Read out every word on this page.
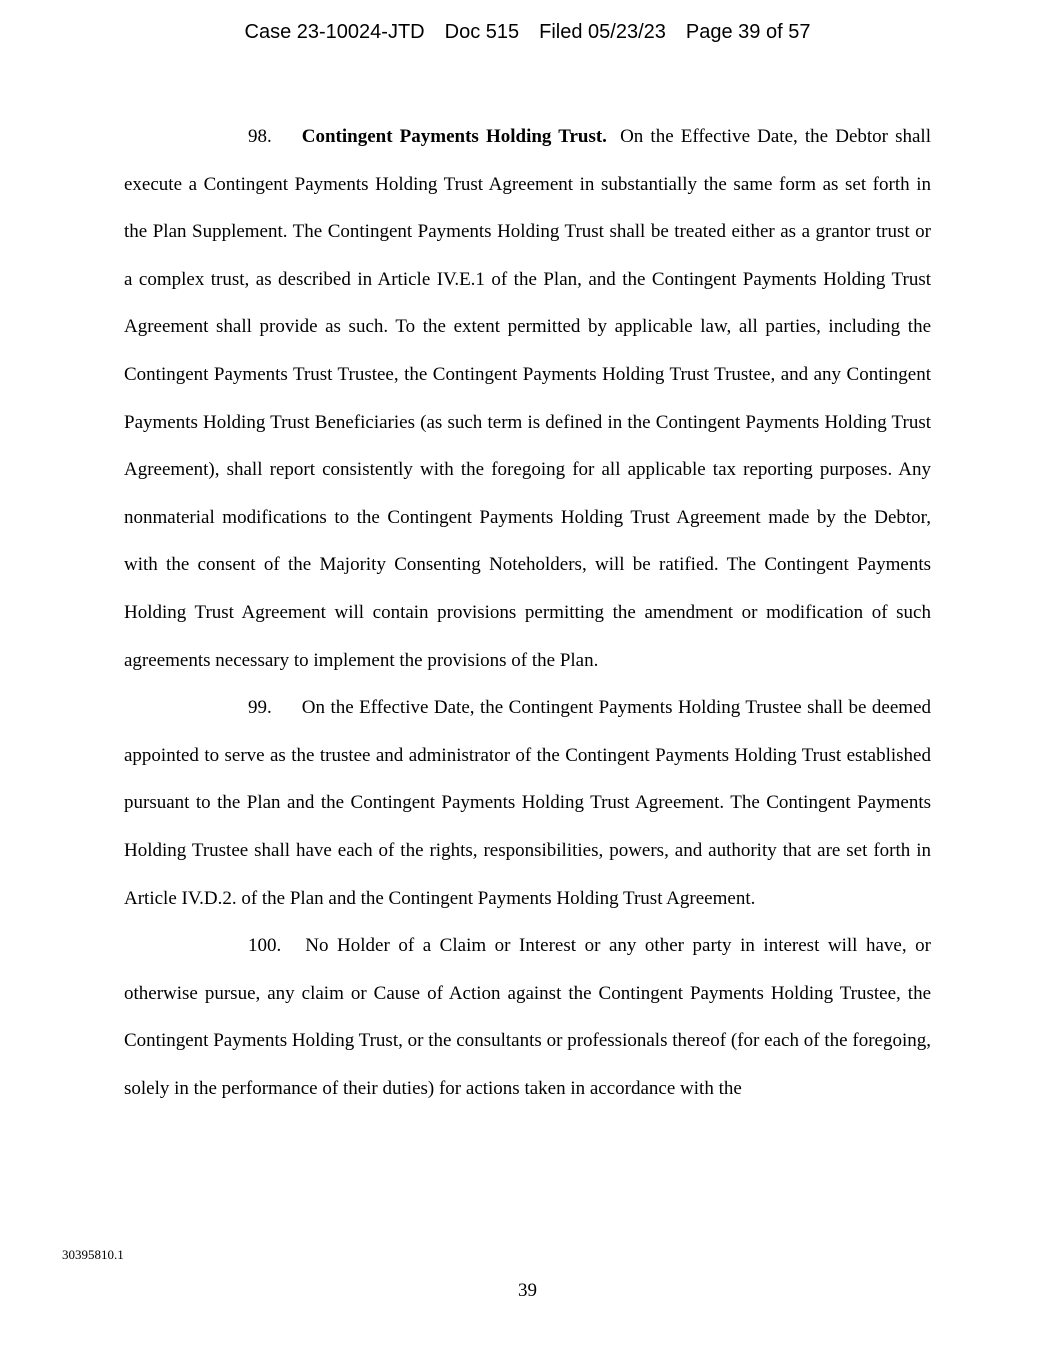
Case 23-10024-JTD Doc 515 Filed 05/23/23 Page 39 of 57

98. Contingent Payments Holding Trust. On the Effective Date, the Debtor shall execute a Contingent Payments Holding Trust Agreement in substantially the same form as set forth in the Plan Supplement. The Contingent Payments Holding Trust shall be treated either as a grantor trust or a complex trust, as described in Article IV.E.1 of the Plan, and the Contingent Payments Holding Trust Agreement shall provide as such. To the extent permitted by applicable law, all parties, including the Contingent Payments Trust Trustee, the Contingent Payments Holding Trust Trustee, and any Contingent Payments Holding Trust Beneficiaries (as such term is defined in the Contingent Payments Holding Trust Agreement), shall report consistently with the foregoing for all applicable tax reporting purposes. Any nonmaterial modifications to the Contingent Payments Holding Trust Agreement made by the Debtor, with the consent of the Majority Consenting Noteholders, will be ratified. The Contingent Payments Holding Trust Agreement will contain provisions permitting the amendment or modification of such agreements necessary to implement the provisions of the Plan.

99. On the Effective Date, the Contingent Payments Holding Trustee shall be deemed appointed to serve as the trustee and administrator of the Contingent Payments Holding Trust established pursuant to the Plan and the Contingent Payments Holding Trust Agreement. The Contingent Payments Holding Trustee shall have each of the rights, responsibilities, powers, and authority that are set forth in Article IV.D.2. of the Plan and the Contingent Payments Holding Trust Agreement.

100. No Holder of a Claim or Interest or any other party in interest will have, or otherwise pursue, any claim or Cause of Action against the Contingent Payments Holding Trustee, the Contingent Payments Holding Trust, or the consultants or professionals thereof (for each of the foregoing, solely in the performance of their duties) for actions taken in accordance with the

30395810.1
39
